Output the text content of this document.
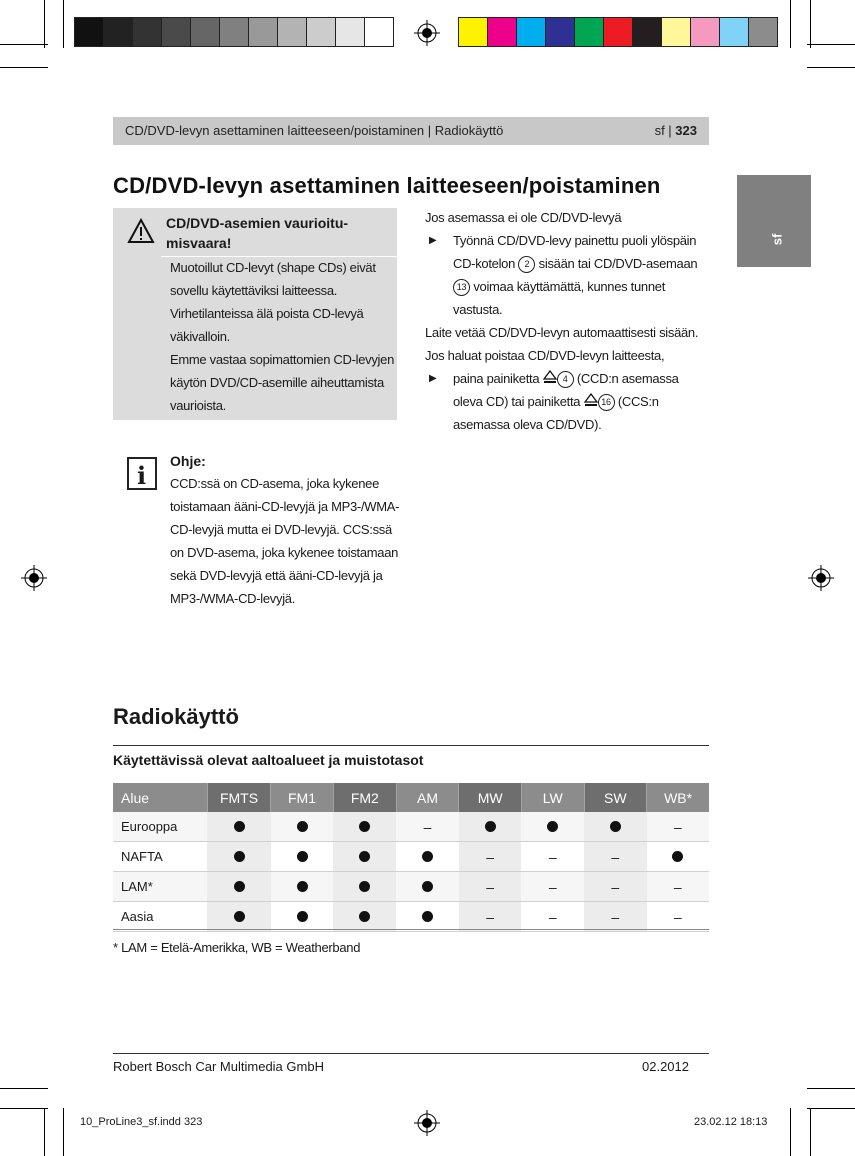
CD/DVD-levyn asettaminen laitteeseen/poistaminen | Radiokäyttö	sf | 323
sf
CD/DVD-levyn asettaminen laitteeseen/poistaminen
CD/DVD-asemien vaurioitu-misvaara!
Muotoillut CD-levyt (shape CDs) eivät sovellu käytettäviksi laitteessa.
Virhetilanteissa älä poista CD-levyä väkivalloin.
Emme vastaa sopimattomien CD-levyjen käytön DVD/CD-asemille aiheuttamista vaurioista.
i Ohje:
CCD:ssä on CD-asema, joka kykenee toistamaan ääni-CD-levyjä ja MP3-/WMA-CD-levyjä mutta ei DVD-levyjä. CCS:ssä on DVD-asema, joka kykenee toistamaan sekä DVD-levyjä että ääni-CD-levyjä ja MP3-/WMA-CD-levyjä.
Jos asemassa ei ole CD/DVD-levyä
▶ Työnnä CD/DVD-levy painettu puoli ylöspäin CD-kotelon 2 sisään tai CD/DVD-asemaan 13 voimaa käyttämättä, kunnes tunnet vastusta.
Laite vetää CD/DVD-levyn automaattisesti sisään.
Jos haluat poistaa CD/DVD-levyn laitteesta,
▶ paina painiketta	4 (CCD:n asemassa oleva CD) tai painiketta 16 (CCS:n asemassa oleva CD/DVD).
Radiokäyttö
Käytettävissä olevat aaltoalueet ja muistotasot
Alue	FMTS	FM1	FM2	AM	MW	LW	SW	WB*
Eurooppa				–				–
NAFTA					–	–	–	
LAM*					–	–	–	–
Aasia					–	–	–	–
* LAM = Etelä-Amerikka, WB = Weatherband
Robert Bosch Car Multimedia GmbH	02.2012
10_ProLine3_sf.indd 323	23.02.12 18:13
